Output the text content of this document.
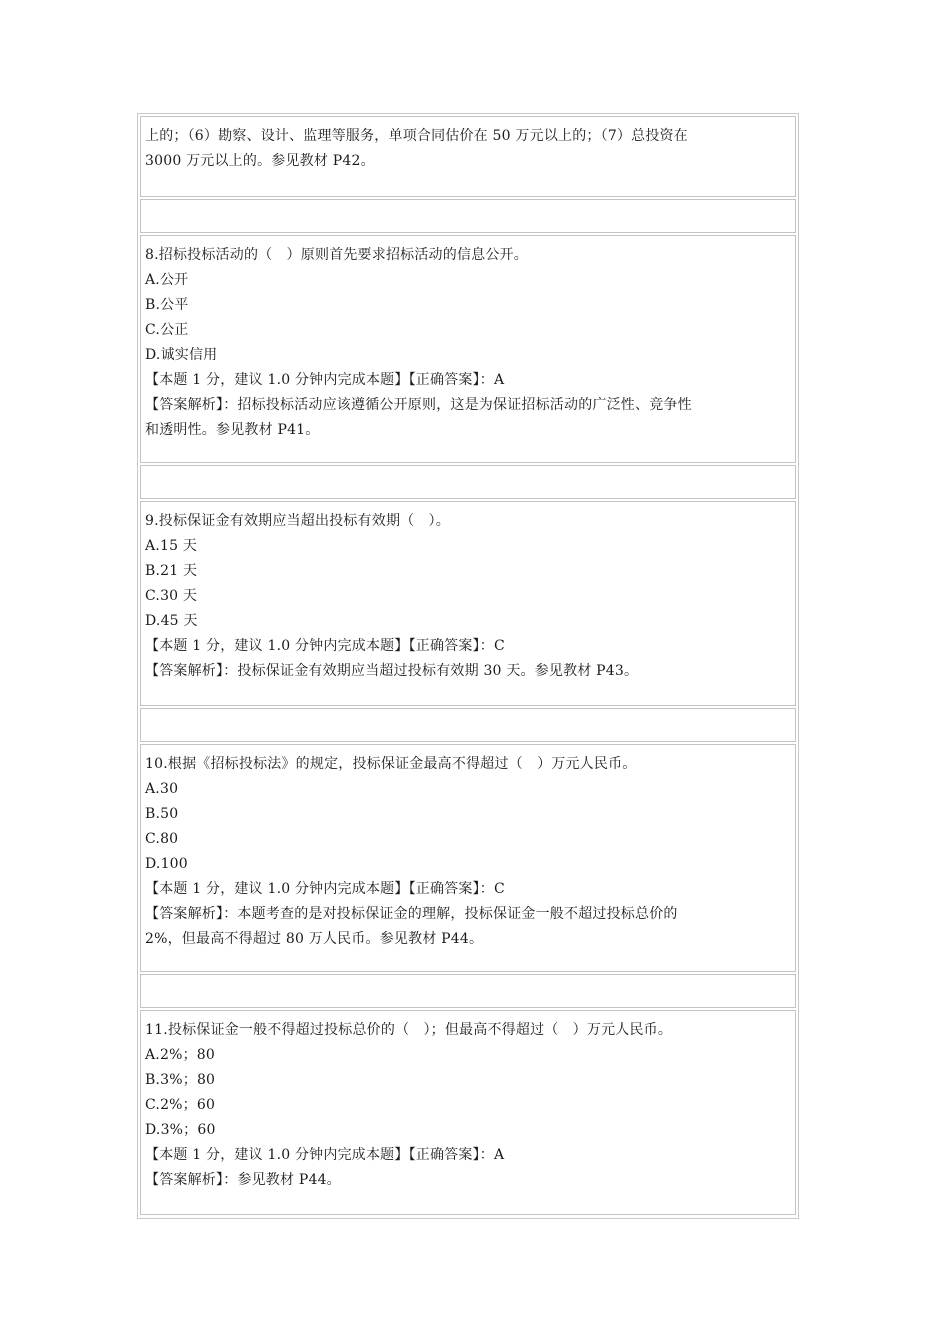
上的；（6）勘察、设计、监理等服务，单项合同估价在 50 万元以上的；（7）总投资在
3000 万元以上的。参见教材 P42。
8.招标投标活动的（　）原则首先要求招标活动的信息公开。
A.公开
B.公平
C.公正
D.诚实信用
【本题 1 分，建议 1.0 分钟内完成本题】【正确答案】：A
【答案解析】：招标投标活动应该遵循公开原则，这是为保证招标活动的广泛性、竞争性
和透明性。参见教材 P41。
9.投标保证金有效期应当超出投标有效期（　）。
A.15 天
B.21 天
C.30 天
D.45 天
【本题 1 分，建议 1.0 分钟内完成本题】【正确答案】：C
【答案解析】：投标保证金有效期应当超过投标有效期 30 天。参见教材 P43。
10.根据《招标投标法》的规定，投标保证金最高不得超过（　）万元人民币。
A.30
B.50
C.80
D.100
【本题 1 分，建议 1.0 分钟内完成本题】【正确答案】：C
【答案解析】：本题考查的是对投标保证金的理解，投标保证金一般不超过投标总价的
2%，但最高不得超过 80 万人民币。参见教材 P44。
11.投标保证金一般不得超过投标总价的（　）；但最高不得超过（　）万元人民币。
A.2%；80
B.3%；80
C.2%；60
D.3%；60
【本题 1 分，建议 1.0 分钟内完成本题】【正确答案】：A
【答案解析】：参见教材 P44。
